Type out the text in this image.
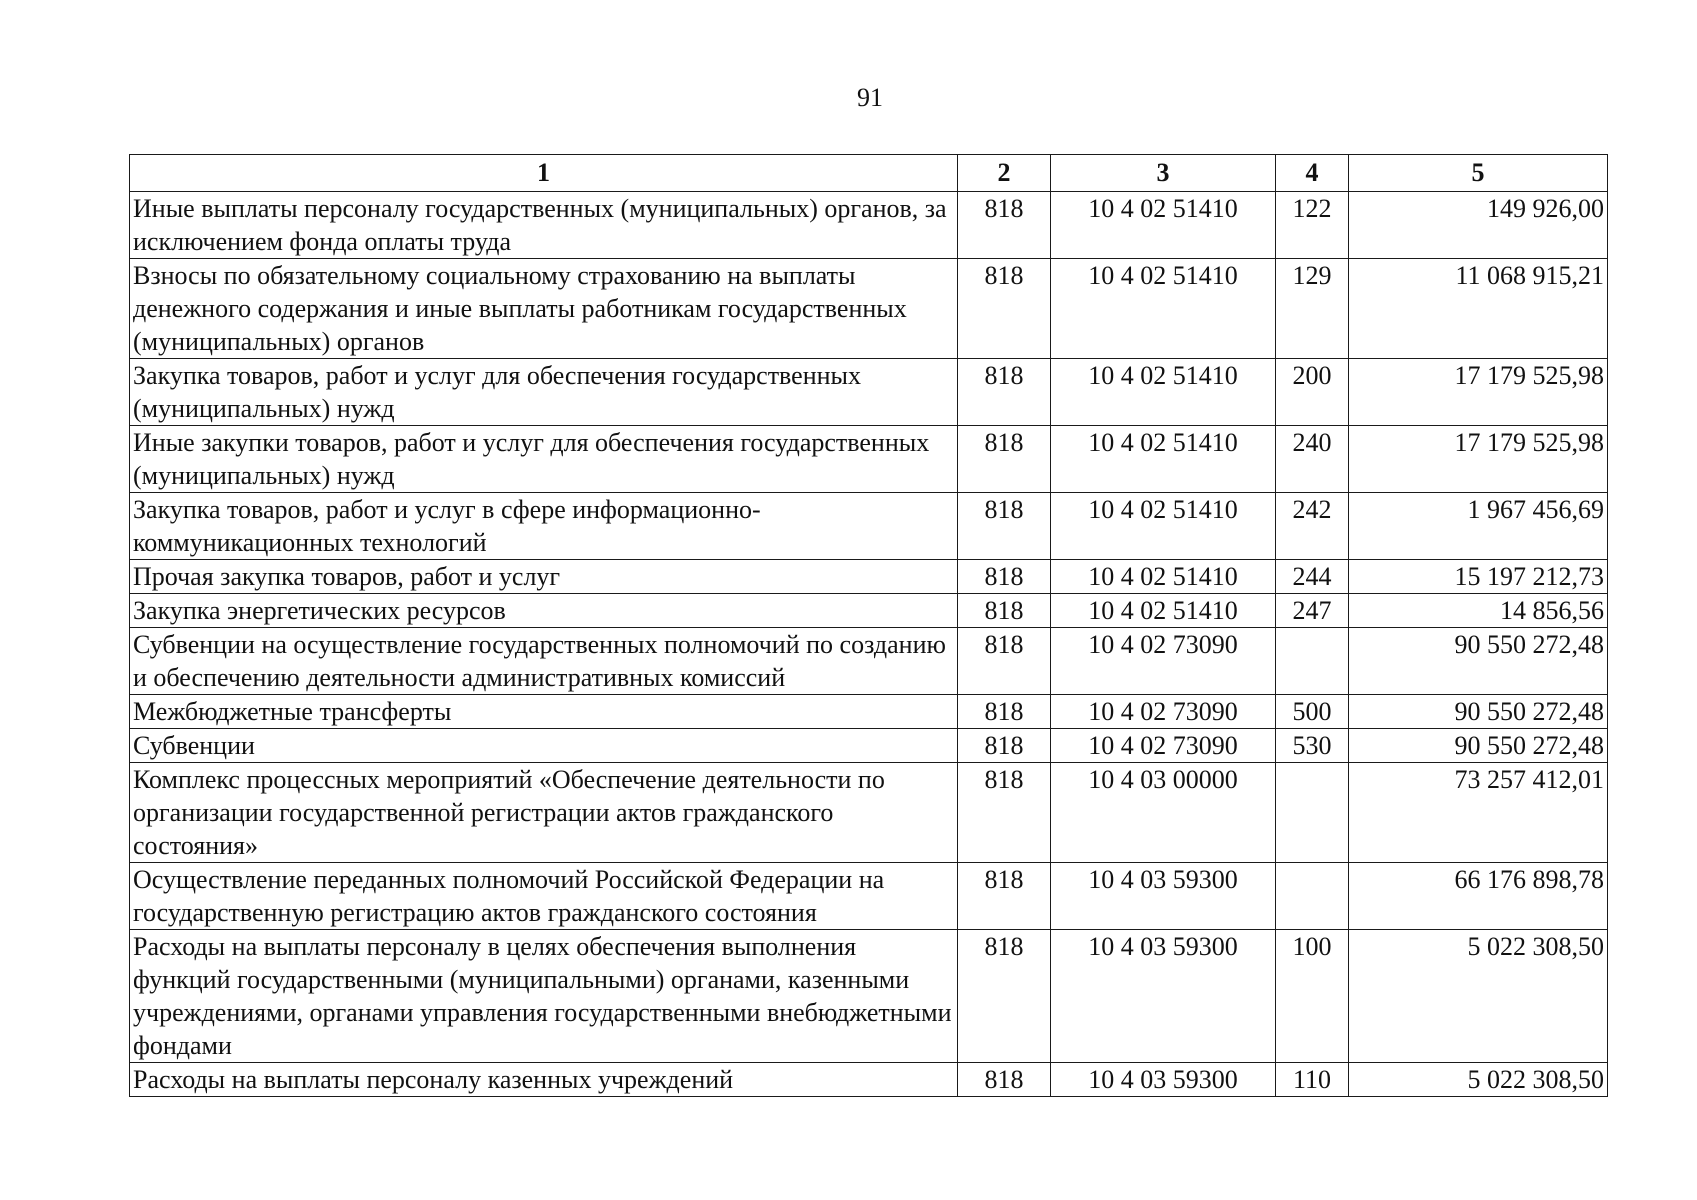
91
1	2	3	4	5
Иные выплаты персоналу государственных (муниципальных) органов, за исключением фонда оплаты труда	818	10 4 02 51410	122	149 926,00
Взносы по обязательному социальному страхованию на выплаты денежного содержания и иные выплаты работникам государственных (муниципальных) органов	818	10 4 02 51410	129	11 068 915,21
Закупка товаров, работ и услуг для обеспечения государственных (муниципальных) нужд	818	10 4 02 51410	200	17 179 525,98
Иные закупки товаров, работ и услуг для обеспечения государственных (муниципальных) нужд	818	10 4 02 51410	240	17 179 525,98
Закупка товаров, работ и услуг в сфере информационно-коммуникационных технологий	818	10 4 02 51410	242	1 967 456,69
Прочая закупка товаров, работ и услуг	818	10 4 02 51410	244	15 197 212,73
Закупка энергетических ресурсов	818	10 4 02 51410	247	14 856,56
Субвенции на осуществление государственных полномочий по созданию и обеспечению деятельности административных комиссий	818	10 4 02 73090		90 550 272,48
Межбюджетные трансферты	818	10 4 02 73090	500	90 550 272,48
Субвенции	818	10 4 02 73090	530	90 550 272,48
Комплекс процессных мероприятий «Обеспечение деятельности по организации государственной регистрации актов гражданского состояния»	818	10 4 03 00000		73 257 412,01
Осуществление переданных полномочий Российской Федерации на государственную регистрацию актов гражданского состояния	818	10 4 03 59300		66 176 898,78
Расходы на выплаты персоналу в целях обеспечения выполнения функций государственными (муниципальными) органами, казенными учреждениями, органами управления государственными внебюджетными фондами	818	10 4 03 59300	100	5 022 308,50
Расходы на выплаты персоналу казенных учреждений	818	10 4 03 59300	110	5 022 308,50
